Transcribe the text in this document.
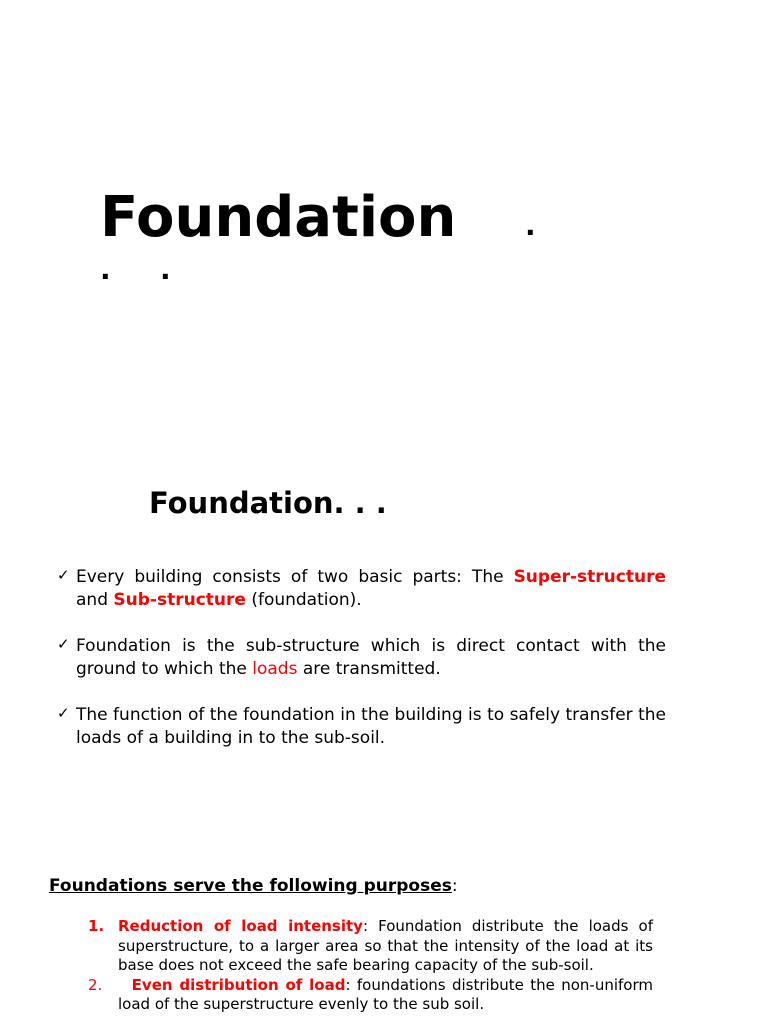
Foundation .
. .
Foundation. . .
✓ Every building consists of two basic parts: The Super-structure and Sub-structure (foundation).
✓ Foundation is the sub-structure which is direct contact with the ground to which the loads are transmitted.
✓ The function of the foundation in the building is to safely transfer the loads of a building in to the sub-soil.

Foundations serve the following purposes:

1. Reduction of load intensity: Foundation distribute the loads of superstructure, to a larger area so that the intensity of the load at its base does not exceed the safe bearing capacity of the sub-soil.
2. Even distribution of load: foundations distribute the non-uniform load of the superstructure evenly to the sub soil.
